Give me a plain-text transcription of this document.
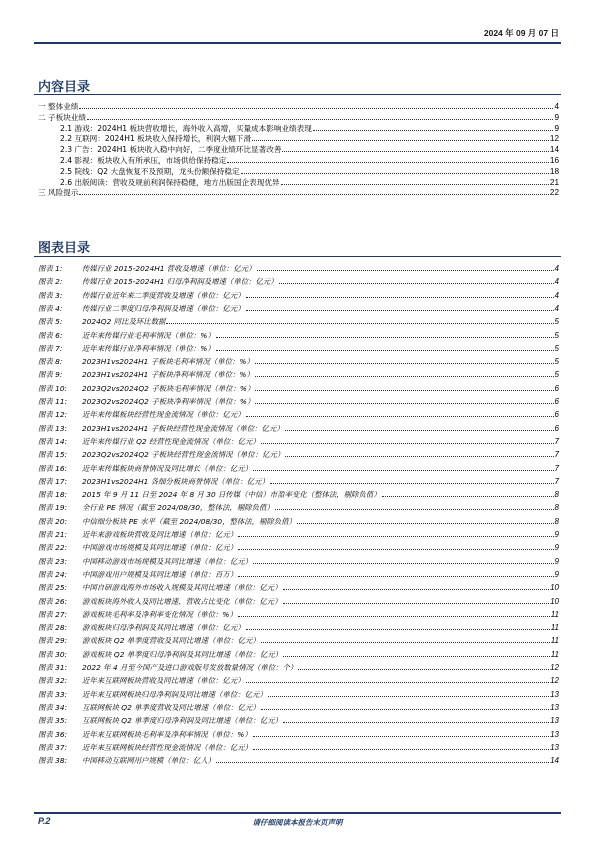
2024 年 09 月 07 日
内容目录
一 整体业绩	4
二 子板块业绩	9
2.1 游戏：2024H1 板块营收增长，海外收入高增，买量成本影响业绩表现	9
2.2 互联网：2024H1 板块收入保持增长，利润大幅下滑	12
2.3 广告：2024H1 板块收入稳中向好，二季度业绩环比显著改善	14
2.4 影视：板块收入有所承压，市场供给保持稳定	16
2.5 院线：Q2 大盘恢复不及预期，龙头份额保持稳定	18
2.6 出版阅读：营收及规前利润保持稳健，地方出版国企表现优异	21
三 风险提示	22
图表目录
图表 1:	传媒行业 2015-2024H1 营收及增速（单位：亿元）	4
图表 2:	传媒行业 2015-2024H1 归母净利润及增速（单位：亿元）	4
图表 3:	传媒行业近年来二季度营收及增速（单位：亿元）	4
图表 4:	传媒行业二季度归母净利润及增速（单位：亿元）	4
图表 5:	2024Q2 同比及环比数据	5
图表 6:	近年来传媒行业毛利率情况（单位：%）	5
图表 7:	近年来传媒行业净利率情况（单位：%）	5
图表 8:	2023H1vs2024H1 子板块毛利率情况（单位：%）	5
图表 9:	2023H1vs2024H1 子板块净利率情况（单位：%）	5
图表 10:	2023Q2vs2024Q2 子板块毛利率情况（单位：%）	6
图表 11:	2023Q2vs2024Q2 子板块净利率情况（单位：%）	6
图表 12:	近年来传媒板块经营性现金流情况（单位：亿元）	6
图表 13:	2023H1vs2024H1 子板块经营性现金流情况（单位：亿元）	6
图表 14:	近年来传媒行业 Q2 经营性现金流情况（单位：亿元）	7
图表 15:	2023Q2vs2024Q2 子板块经营性现金流情况（单位：亿元）	7
图表 16:	近年来传媒板块商誉情况及同比增长（单位：亿元）	7
图表 17:	2023H1vs2024H1 各细分板块商誉情况（单位：亿元）	7
图表 18:	2015 年 9 月 11 日至 2024 年 8 月 30 日传媒（中信）市盈率变化（整体法，剔除负值）	8
图表 19:	全行业 PE 情况（截至 2024/08/30，整体法，剔除负值）	8
图表 20:	中信细分板块 PE 水平（截至 2024/08/30，整体法，剔除负值）	8
图表 21:	近年来游戏板块营收及同比增速（单位：亿元）	9
图表 22:	中国游戏市场规模及其同比增速（单位：亿元）	9
图表 23:	中国移动游戏市场规模及其同比增速（单位：亿元）	9
图表 24:	中国游戏用户规模及其同比增速（单位：百万）	9
图表 25:	中国自研游戏海外市场收入规模及其同比增速（单位：亿元）	10
图表 26:	游戏板块海外收入及同比增速、营收占比变化（单位：亿元）	10
图表 27:	游戏板块毛利率及净利率变化情况（单位：%）	11
图表 28:	游戏板块归母净利润及其同比增速（单位：亿元）	11
图表 29:	游戏板块 Q2 单季度营收及其同比增速（单位：亿元）	11
图表 30:	游戏板块 Q2 单季度归母净利润及其同比增速（单位：亿元）	11
图表 31:	2022 年 4 月至今国产及进口游戏版号发放数量情况（单位：个）	12
图表 32:	近年来互联网板块营收及同比增速（单位：亿元）	12
图表 33:	近年来互联网板块归母净利润及同比增速（单位：亿元）	13
图表 34:	互联网板块 Q2 单季度营收及同比增速（单位：亿元）	13
图表 35:	互联网板块 Q2 单季度归母净利润及同比增速（单位：亿元）	13
图表 36:	近年来互联网板块毛利率及净利率情况（单位：%）	13
图表 37:	近年来互联网板块经营性现金流情况（单位：亿元）	13
图表 38:	中国移动互联网用户规模（单位：亿人）	14
P.2	请仔细阅读本报告末页声明
